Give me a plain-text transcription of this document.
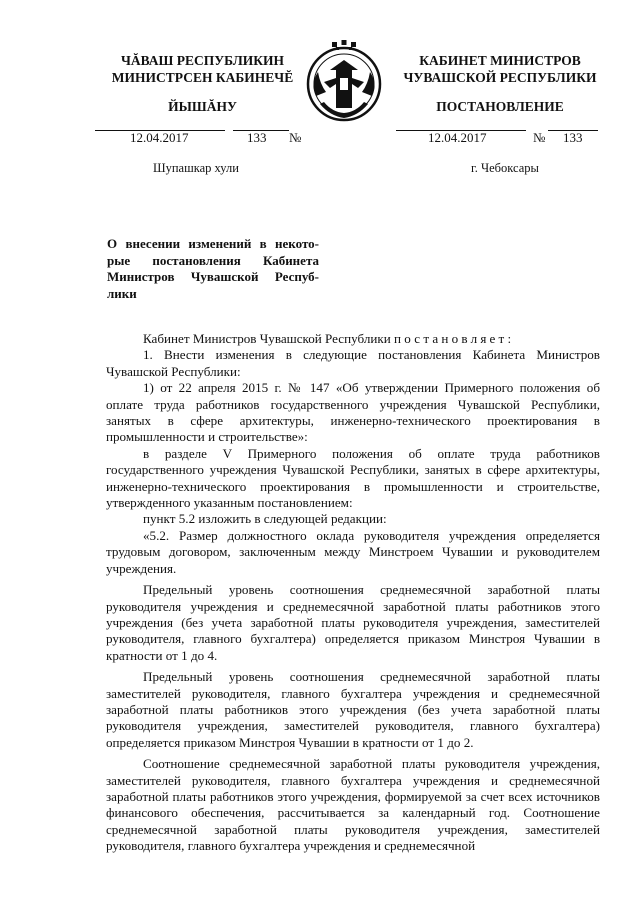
ЧĂВАШ РЕСПУБЛИКИН
МИНИСТРСЕН КАБИНЕЧĔ
ЙЫШĂНУ
КАБИНЕТ МИНИСТРОВ
ЧУВАШСКОЙ РЕСПУБЛИКИ
ПОСТАНОВЛЕНИЕ
12.04.2017	133 №	12.04.2017	№ 133
Шупашкар хули	г. Чебоксары
О внесении изменений в некото-
рые постановления Кабинета
Министров Чувашской Респуб-
лики

Кабинет Министров Чувашской Республики постановляет:

1. Внести изменения в следующие постановления Кабинета Министров Чувашской Республики:

1) от 22 апреля 2015 г. № 147 «Об утверждении Примерного положения об оплате труда работников государственного учреждения Чувашской Республики, занятых в сфере архитектуры, инженерно-технического проектирования в промышленности и строительстве»:

в разделе V Примерного положения об оплате труда работников государственного учреждения Чувашской Республики, занятых в сфере архитектуры, инженерно-технического проектирования в промышленности и строительстве, утвержденного указанным постановлением:

пункт 5.2 изложить в следующей редакции:

«5.2. Размер должностного оклада руководителя учреждения определяется трудовым договором, заключенным между Минстроем Чувашии и руководителем учреждения.

Предельный уровень соотношения среднемесячной заработной платы руководителя учреждения и среднемесячной заработной платы работников этого учреждения (без учета заработной платы руководителя учреждения, заместителей руководителя, главного бухгалтера) определяется приказом Минстроя Чувашии в кратности от 1 до 4.

Предельный уровень соотношения среднемесячной заработной платы заместителей руководителя, главного бухгалтера учреждения и среднемесячной заработной платы работников этого учреждения (без учета заработной платы руководителя учреждения, заместителей руководителя, главного бухгалтера) определяется приказом Минстроя Чувашии в кратности от 1 до 2.

Соотношение среднемесячной заработной платы руководителя учреждения, заместителей руководителя, главного бухгалтера учреждения и среднемесячной заработной платы работников этого учреждения, формируемой за счет всех источников финансового обеспечения, рассчитывается за календарный год. Соотношение среднемесячной заработной платы руководителя учреждения, заместителей руководителя, главного бухгалтера учреждения и среднемесячной
